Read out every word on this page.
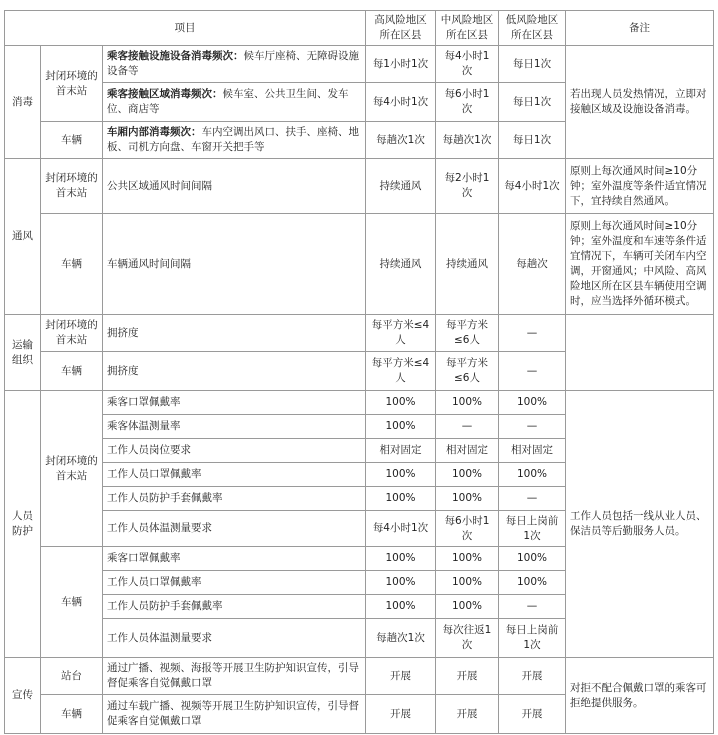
项目			高风险地区所在区县	中风险地区所在区县	低风险地区所在区县	备注
消毒	封闭环境的首末站	乘客接触设施设备消毒频次：候车厅座椅、无障碍设施设备等	每1小时1次	每4小时1次	每日1次	若出现人员发热情况，立即对接触区域及设施设备消毒。
		乘客接触区域消毒频次：候车室、公共卫生间、发车位、商店等	每4小时1次	每6小时1次	每日1次	
	车辆	车厢内部消毒频次：车内空调出风口、扶手、座椅、地板、司机方向盘、车窗开关把手等	每趟次1次	每趟次1次	每日1次	
通风	封闭环境的首末站	公共区域通风时间间隔	持续通风	每2小时1次	每4小时1次	原则上每次通风时间≥10分钟；室外温度等条件适宜情况下，宜持续自然通风。
	车辆	车辆通风时间间隔	持续通风	持续通风	每趟次	原则上每次通风时间≥10分钟；室外温度和车速等条件适宜情况下，车辆可关闭车内空调，开窗通风；中风险、高风险地区所在区县车辆使用空调时，应当选择外循环模式。
运输组织	封闭环境的首末站	拥挤度	每平方米≤4人	每平方米≤6人	—	
	车辆	拥挤度	每平方米≤4人	每平方米≤6人	—	
人员防护	封闭环境的首末站	乘客口罩佩戴率	100%	100%	100%	工作人员包括一线从业人员、保洁员等后勤服务人员。
		乘客体温测量率	100%	—	—	
		工作人员岗位要求	相对固定	相对固定	相对固定	
		工作人员口罩佩戴率	100%	100%	100%	
		工作人员防护手套佩戴率	100%	100%	—	
		工作人员体温测量要求	每4小时1次	每6小时1次	每日上岗前1次	
	车辆	乘客口罩佩戴率	100%	100%	100%	
		工作人员口罩佩戴率	100%	100%	100%	
		工作人员防护手套佩戴率	100%	100%	—	
		工作人员体温测量要求	每趟次1次	每次往返1次	每日上岗前1次	
宣传	站台	通过广播、视频、海报等开展卫生防护知识宣传，引导督促乘客自觉佩戴口罩	开展	开展	开展	对拒不配合佩戴口罩的乘客可拒绝提供服务。
	车辆	通过车载广播、视频等开展卫生防护知识宣传，引导督促乘客自觉佩戴口罩	开展	开展	开展	
